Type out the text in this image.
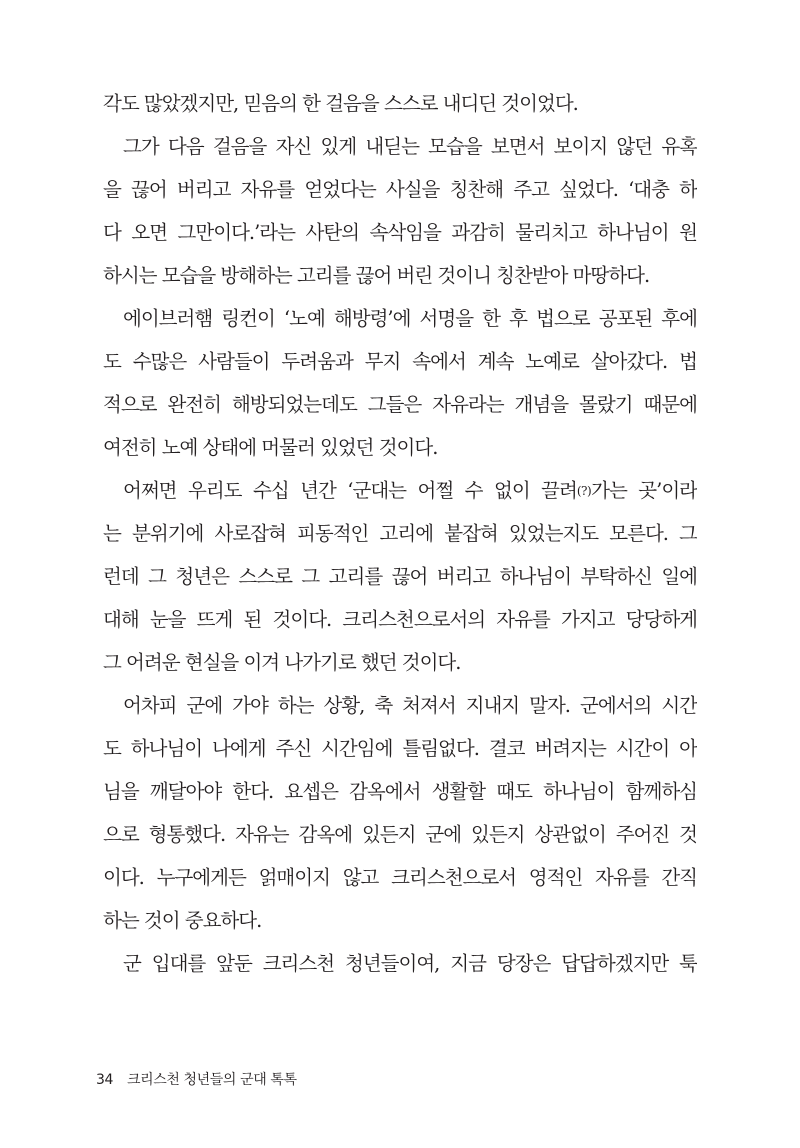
각도 많았겠지만, 믿음의 한 걸음을 스스로 내디딘 것이었다.
그가 다음 걸음을 자신 있게 내딛는 모습을 보면서 보이지 않던 유혹
을 끊어 버리고 자유를 얻었다는 사실을 칭찬해 주고 싶었다. ‘대충 하
다 오면 그만이다.’라는 사탄의 속삭임을 과감히 물리치고 하나님이 원
하시는 모습을 방해하는 고리를 끊어 버린 것이니 칭찬받아 마땅하다.
에이브러햄 링컨이 ‘노예 해방령’에 서명을 한 후 법으로 공포된 후에
도 수많은 사람들이 두려움과 무지 속에서 계속 노예로 살아갔다. 법
적으로 완전히 해방되었는데도 그들은 자유라는 개념을 몰랐기 때문에
여전히 노예 상태에 머물러 있었던 것이다.
어쩌면 우리도 수십 년간 ‘군대는 어쩔 수 없이 끌려(?)가는 곳’이라
는 분위기에 사로잡혀 피동적인 고리에 붙잡혀 있었는지도 모른다. 그
런데 그 청년은 스스로 그 고리를 끊어 버리고 하나님이 부탁하신 일에
대해 눈을 뜨게 된 것이다. 크리스천으로서의 자유를 가지고 당당하게
그 어려운 현실을 이겨 나가기로 했던 것이다.
어차피 군에 가야 하는 상황, 축 처져서 지내지 말자. 군에서의 시간
도 하나님이 나에게 주신 시간임에 틀림없다. 결코 버려지는 시간이 아
님을 깨달아야 한다. 요셉은 감옥에서 생활할 때도 하나님이 함께하심
으로 형통했다. 자유는 감옥에 있든지 군에 있든지 상관없이 주어진 것
이다. 누구에게든 얽매이지 않고 크리스천으로서 영적인 자유를 간직
하는 것이 중요하다.
군 입대를 앞둔 크리스천 청년들이여, 지금 당장은 답답하겠지만 툭
34 크리스천 청년들의 군대 톡톡
